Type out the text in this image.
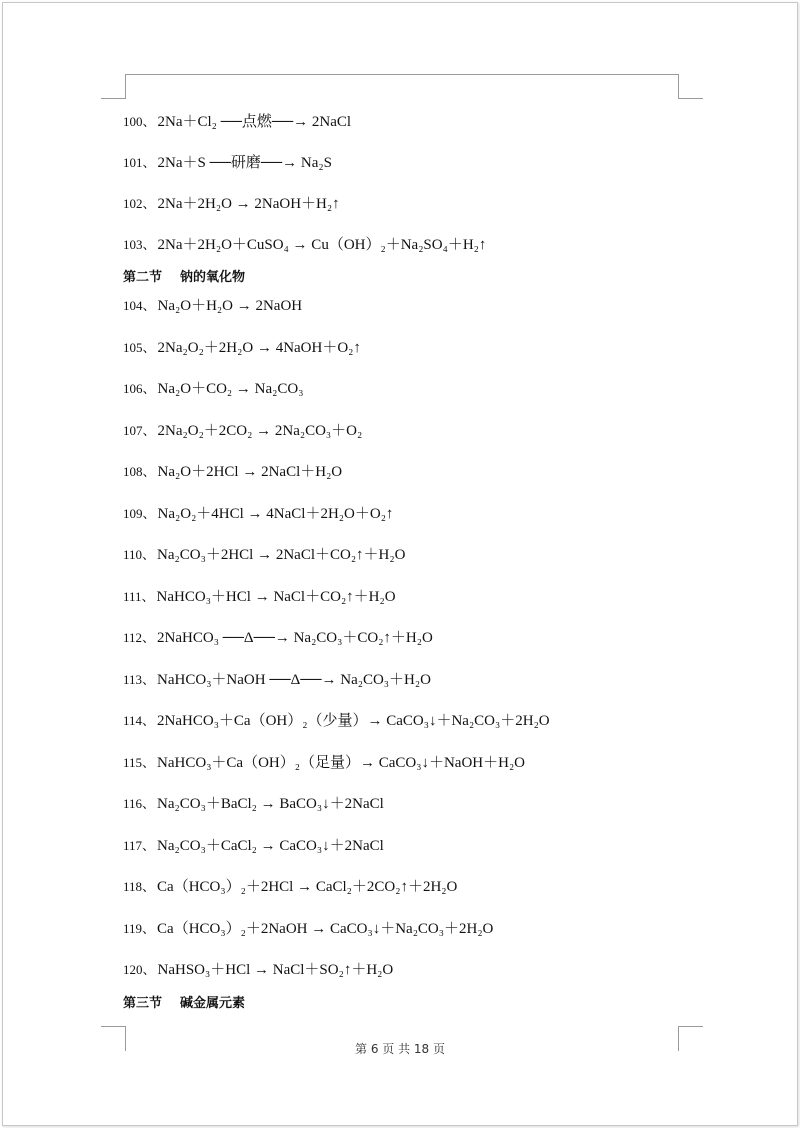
100、 2Na＋Cl₂ ──点燃──→ 2NaCl
101、 2Na＋S ──研磨──→ Na₂S
102、 2Na＋2H₂O → 2NaOH＋H₂↑
103、 2Na＋2H₂O＋CuSO₄ → Cu（OH）₂＋Na₂SO₄＋H₂↑
第二节 钠的氧化物
104、 Na₂O＋H₂O → 2NaOH
105、 2Na₂O₂＋2H₂O → 4NaOH＋O₂↑
106、 Na₂O＋CO₂ → Na₂CO₃
107、 2Na₂O₂＋2CO₂ → 2Na₂CO₃＋O₂
108、 Na₂O＋2HCl → 2NaCl＋H₂O
109、 Na₂O₂＋4HCl → 4NaCl＋2H₂O＋O₂↑
110、 Na₂CO₃＋2HCl → 2NaCl＋CO₂↑＋H₂O
111、 NaHCO₃＋HCl → NaCl＋CO₂↑＋H₂O
112、 2NaHCO₃ ──Δ──→ Na₂CO₃＋CO₂↑＋H₂O
113、 NaHCO₃＋NaOH ──Δ──→ Na₂CO₃＋H₂O
114、 2NaHCO₃＋Ca（OH）₂（少量）→ CaCO₃↓＋Na₂CO₃＋2H₂O
115、 NaHCO₃＋Ca（OH）₂（足量）→ CaCO₃↓＋NaOH＋H₂O
116、 Na₂CO₃＋BaCl₂ → BaCO₃↓＋2NaCl
117、 Na₂CO₃＋CaCl₂ → CaCO₃↓＋2NaCl
118、 Ca（HCO₃）₂＋2HCl → CaCl₂＋2CO₂↑＋2H₂O
119、 Ca（HCO₃）₂＋2NaOH → CaCO₃↓＋Na₂CO₃＋2H₂O
120、 NaHSO₃＋HCl → NaCl＋SO₂↑＋H₂O
第三节 碱金属元素
第 6 页 共 18 页
